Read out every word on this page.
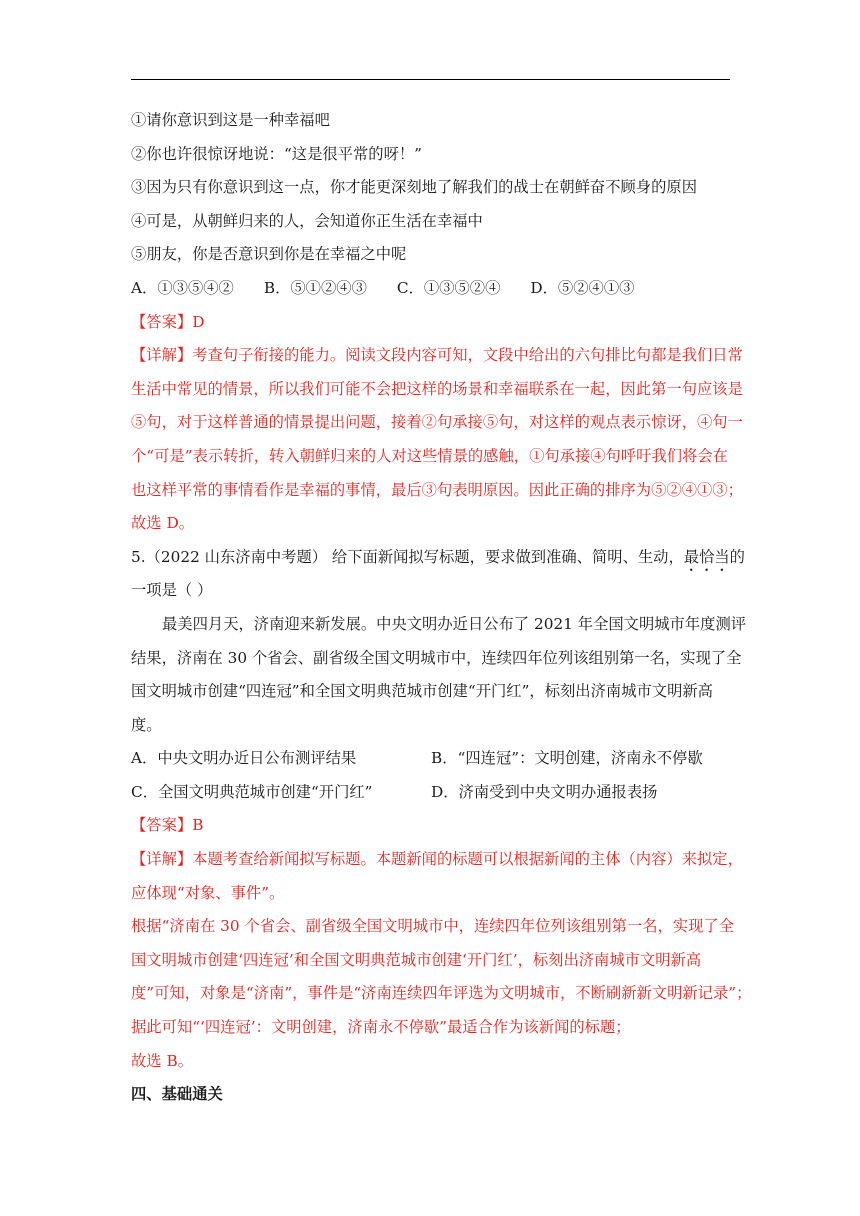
①请你意识到这是一种幸福吧
②你也许很惊讶地说：“这是很平常的呀！”
③因为只有你意识到这一点，你才能更深刻地了解我们的战士在朝鲜奋不顾身的原因
④可是，从朝鲜归来的人，会知道你正生活在幸福中
⑤朋友，你是否意识到你是在幸福之中呢
A．①③⑤④② B．⑤①②④③ C．①③⑤②④ D．⑤②④①③
【答案】D
【详解】考查句子衔接的能力。阅读文段内容可知，文段中给出的六句排比句都是我们日常
生活中常见的情景，所以我们可能不会把这样的场景和幸福联系在一起，因此第一句应该是
⑤句，对于这样普通的情景提出问题，接着②句承接⑤句，对这样的观点表示惊讶，④句一
个“可是”表示转折，转入朝鲜归来的人对这些情景的感触，①句承接④句呼吁我们将会在
也这样平常的事情看作是幸福的事情，最后③句表明原因。因此正确的排序为⑤②④①③；
故选 D。
5.（2022 山东济南中考题） 给下面新闻拟写标题，要求做到准确、简明、生动，最恰当的
一项是（ ）
最美四月天，济南迎来新发展。中央文明办近日公布了 2021 年全国文明城市年度测评
结果，济南在 30 个省会、副省级全国文明城市中，连续四年位列该组别第一名，实现了全
国文明城市创建“四连冠”和全国文明典范城市创建“开门红”，标刻出济南城市文明新高
度。
A．中央文明办近日公布测评结果	B．“四连冠”：文明创建，济南永不停歇
C．全国文明典范城市创建“开门红”	D．济南受到中央文明办通报表扬
【答案】B
【详解】本题考查给新闻拟写标题。本题新闻的标题可以根据新闻的主体（内容）来拟定，
应体现“对象、事件”。
根据“济南在 30 个省会、副省级全国文明城市中，连续四年位列该组别第一名，实现了全
国文明城市创建‘四连冠’和全国文明典范城市创建‘开门红’，标刻出济南城市文明新高
度”可知，对象是“济南”，事件是“济南连续四年评选为文明城市，不断刷新新文明新记录”；
据此可知“‘四连冠’：文明创建，济南永不停歇”最适合作为该新闻的标题；
故选 B。
四、基础通关
